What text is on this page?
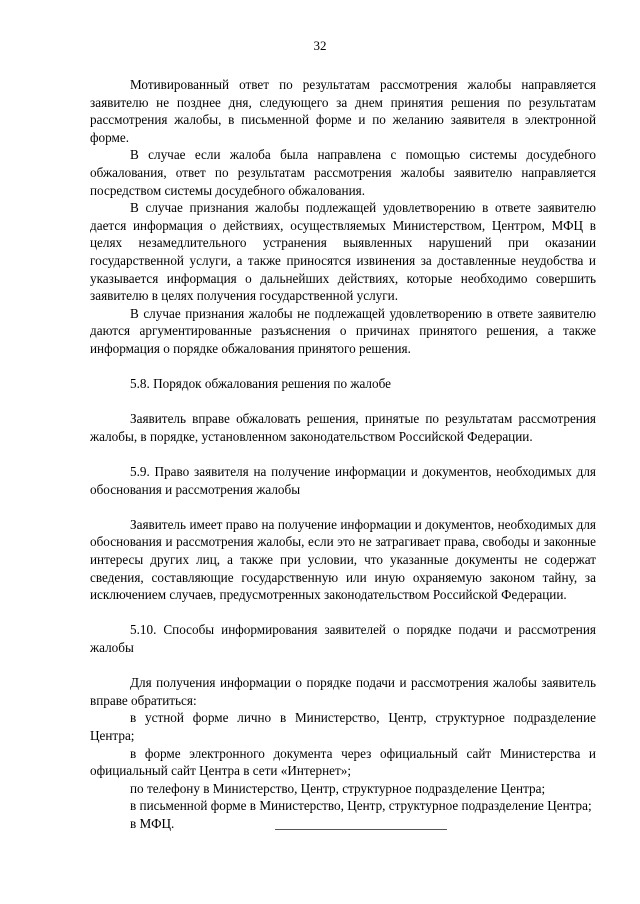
32

Мотивированный ответ по результатам рассмотрения жалобы направляется заявителю не позднее дня, следующего за днем принятия решения по результатам рассмотрения жалобы, в письменной форме и по желанию заявителя в электронной форме.

В случае если жалоба была направлена с помощью системы досудебного обжалования, ответ по результатам рассмотрения жалобы заявителю направляется посредством системы досудебного обжалования.

В случае признания жалобы подлежащей удовлетворению в ответе заявителю дается информация о действиях, осуществляемых Министерством, Центром, МФЦ в целях незамедлительного устранения выявленных нарушений при оказании государственной услуги, а также приносятся извинения за доставленные неудобства и указывается информация о дальнейших действиях, которые необходимо совершить заявителю в целях получения государственной услуги.

В случае признания жалобы не подлежащей удовлетворению в ответе заявителю даются аргументированные разъяснения о причинах принятого решения, а также информация о порядке обжалования принятого решения.

5.8. Порядок обжалования решения по жалобе

Заявитель вправе обжаловать решения, принятые по результатам рассмотрения жалобы, в порядке, установленном законодательством Российской Федерации.

5.9. Право заявителя на получение информации и документов, необходимых для обоснования и рассмотрения жалобы

Заявитель имеет право на получение информации и документов, необходимых для обоснования и рассмотрения жалобы, если это не затрагивает права, свободы и законные интересы других лиц, а также при условии, что указанные документы не содержат сведения, составляющие государственную или иную охраняемую законом тайну, за исключением случаев, предусмотренных законодательством Российской Федерации.

5.10. Способы информирования заявителей о порядке подачи и рассмотрения жалобы

Для получения информации о порядке подачи и рассмотрения жалобы заявитель вправе обратиться:

в устной форме лично в Министерство, Центр, структурное подразделение Центра;

в форме электронного документа через официальный сайт Министерства и официальный сайт Центра в сети «Интернет»;

по телефону в Министерство, Центр, структурное подразделение Центра;

в письменной форме в Министерство, Центр, структурное подразделение Центра;

в МФЦ.
